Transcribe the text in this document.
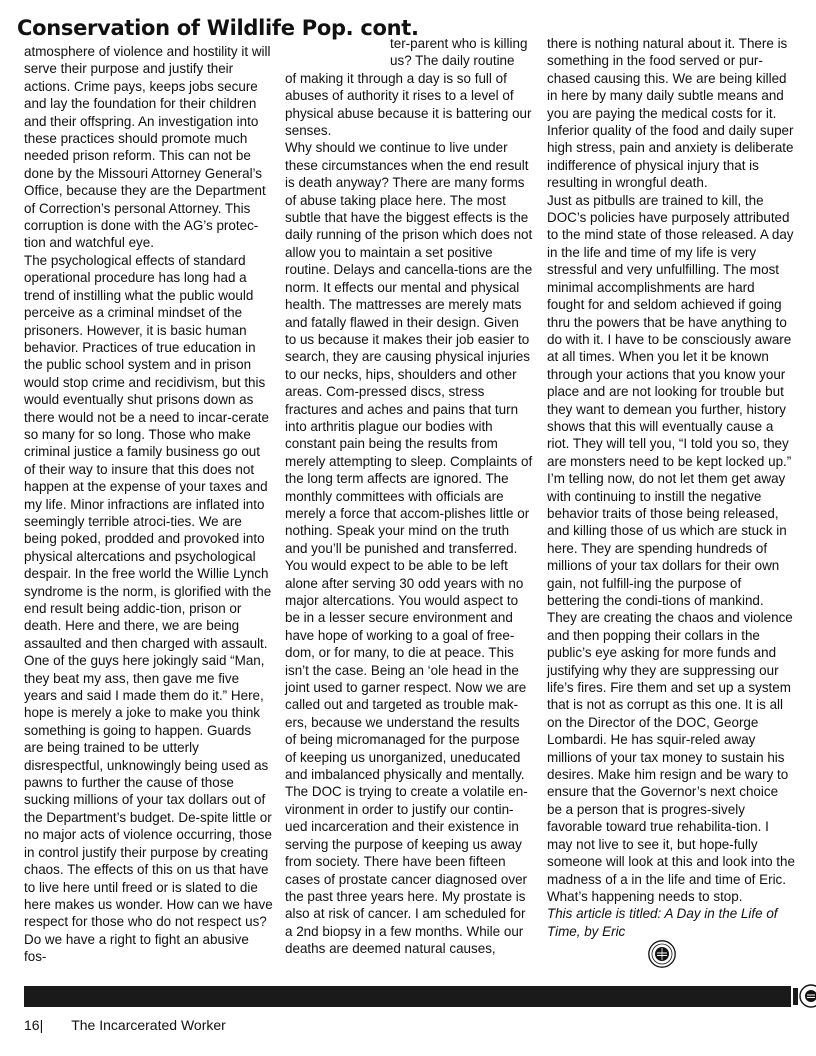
Conservation of Wildlife Pop. cont.

atmosphere of violence and hostility it will serve their purpose and justify their actions. Crime pays, keeps jobs secure and lay the foundation for their children and their offspring. An investigation into these practices should promote much needed prison reform. This can not be done by the Missouri Attorney General’s Office, because they are the Department of Correction’s personal Attorney. This corruption is done with the AG’s protec-tion and watchful eye.

The psychological effects of standard operational procedure has long had a trend of instilling what the public would perceive as a criminal mindset of the prisoners. However, it is basic human behavior. Practices of true education in the public school system and in prison would stop crime and recidivism, but this would eventually shut prisons down as there would not be a need to incar-cerate so many for so long. Those who make criminal justice a family business go out of their way to insure that this does not happen at the expense of your taxes and my life. Minor infractions are inflated into seemingly terrible atroci-ties. We are being poked, prodded and provoked into physical altercations and psychological despair. In the free world the Willie Lynch syndrome is the norm, is glorified with the end result being addic-tion, prison or death. Here and there, we are being assaulted and then charged with assault. One of the guys here jokingly said “Man, they beat my ass, then gave me five years and said I made them do it.” Here, hope is merely a joke to make you think something is going to happen. Guards are being trained to be utterly disrespectful, unknowingly being used as pawns to further the cause of those sucking millions of your tax dollars out of the Department’s budget. De-spite little or no major acts of violence occurring, those in control justify their purpose by creating chaos. The effects of this on us that have to live here until freed or is slated to die here makes us wonder. How can we have respect for those who do not respect us? Do we have a right to fight an abusive fos-

ter-parent who is killing us? The daily routine

of making it through a day is so full of abuses of authority it rises to a level of physical abuse because it is battering our senses.

Why should we continue to live under these circumstances when the end result is death anyway? There are many forms of abuse taking place here. The most subtle that have the biggest effects is the daily running of the prison which does not allow you to maintain a set positive routine. Delays and cancella-tions are the norm. It effects our mental and physical health. The mattresses are merely mats and fatally flawed in their design. Given to us because it makes their job easier to search, they are causing physical injuries to our necks, hips, shoulders and other areas. Com-pressed discs, stress fractures and aches and pains that turn into arthritis plague our bodies with constant pain being the results from merely attempting to sleep. Complaints of the long term affects are ignored. The monthly committees with officials are merely a force that accom-plishes little or nothing. Speak your mind on the truth and you’ll be punished and transferred.

You would expect to be able to be left alone after serving 30 odd years with no major altercations. You would aspect to be in a lesser secure environment and have hope of working to a goal of free-dom, or for many, to die at peace. This isn’t the case. Being an ‘ole head in the joint used to garner respect. Now we are called out and targeted as trouble mak-ers, because we understand the results of being micromanaged for the purpose of keeping us unorganized, uneducated and imbalanced physically and mentally. The DOC is trying to create a volatile en-vironment in order to justify our contin-ued incarceration and their existence in serving the purpose of keeping us away from society. There have been fifteen cases of prostate cancer diagnosed over the past three years here. My prostate is also at risk of cancer. I am scheduled for a 2nd biopsy in a few months. While our deaths are deemed natural causes,

there is nothing natural about it. There is something in the food served or pur-chased causing this. We are being killed in here by many daily subtle means and you are paying the medical costs for it. Inferior quality of the food and daily super high stress, pain and anxiety is deliberate indifference of physical injury that is resulting in wrongful death.

Just as pitbulls are trained to kill, the DOC’s policies have purposely attributed to the mind state of those released. A day in the life and time of my life is very stressful and very unfulfilling. The most minimal accomplishments are hard fought for and seldom achieved if going thru the powers that be have anything to do with it. I have to be consciously aware at all times. When you let it be known through your actions that you know your place and are not looking for trouble but they want to demean you further, history shows that this will eventually cause a riot. They will tell you, “I told you so, they are monsters need to be kept locked up.” I’m telling now, do not let them get away with continuing to instill the negative behavior traits of those being released, and killing those of us which are stuck in here. They are spending hundreds of millions of your tax dollars for their own gain, not fulfill-ing the purpose of bettering the condi-tions of mankind. They are creating the chaos and violence and then popping their collars in the public’s eye asking for more funds and justifying why they are suppressing our life’s fires. Fire them and set up a system that is not as corrupt as this one. It is all on the Director of the DOC, George Lombardi. He has squir-reled away millions of your tax money to sustain his desires. Make him resign and be wary to ensure that the Governor’s next choice be a person that is progres-sively favorable toward true rehabilita-tion. I may not live to see it, but hope-fully someone will look at this and look into the madness of a in the life and time of Eric. What’s happening needs to stop.

This article is titled: A Day in the Life of Time, by Eric

16| The Incarcerated Worker
